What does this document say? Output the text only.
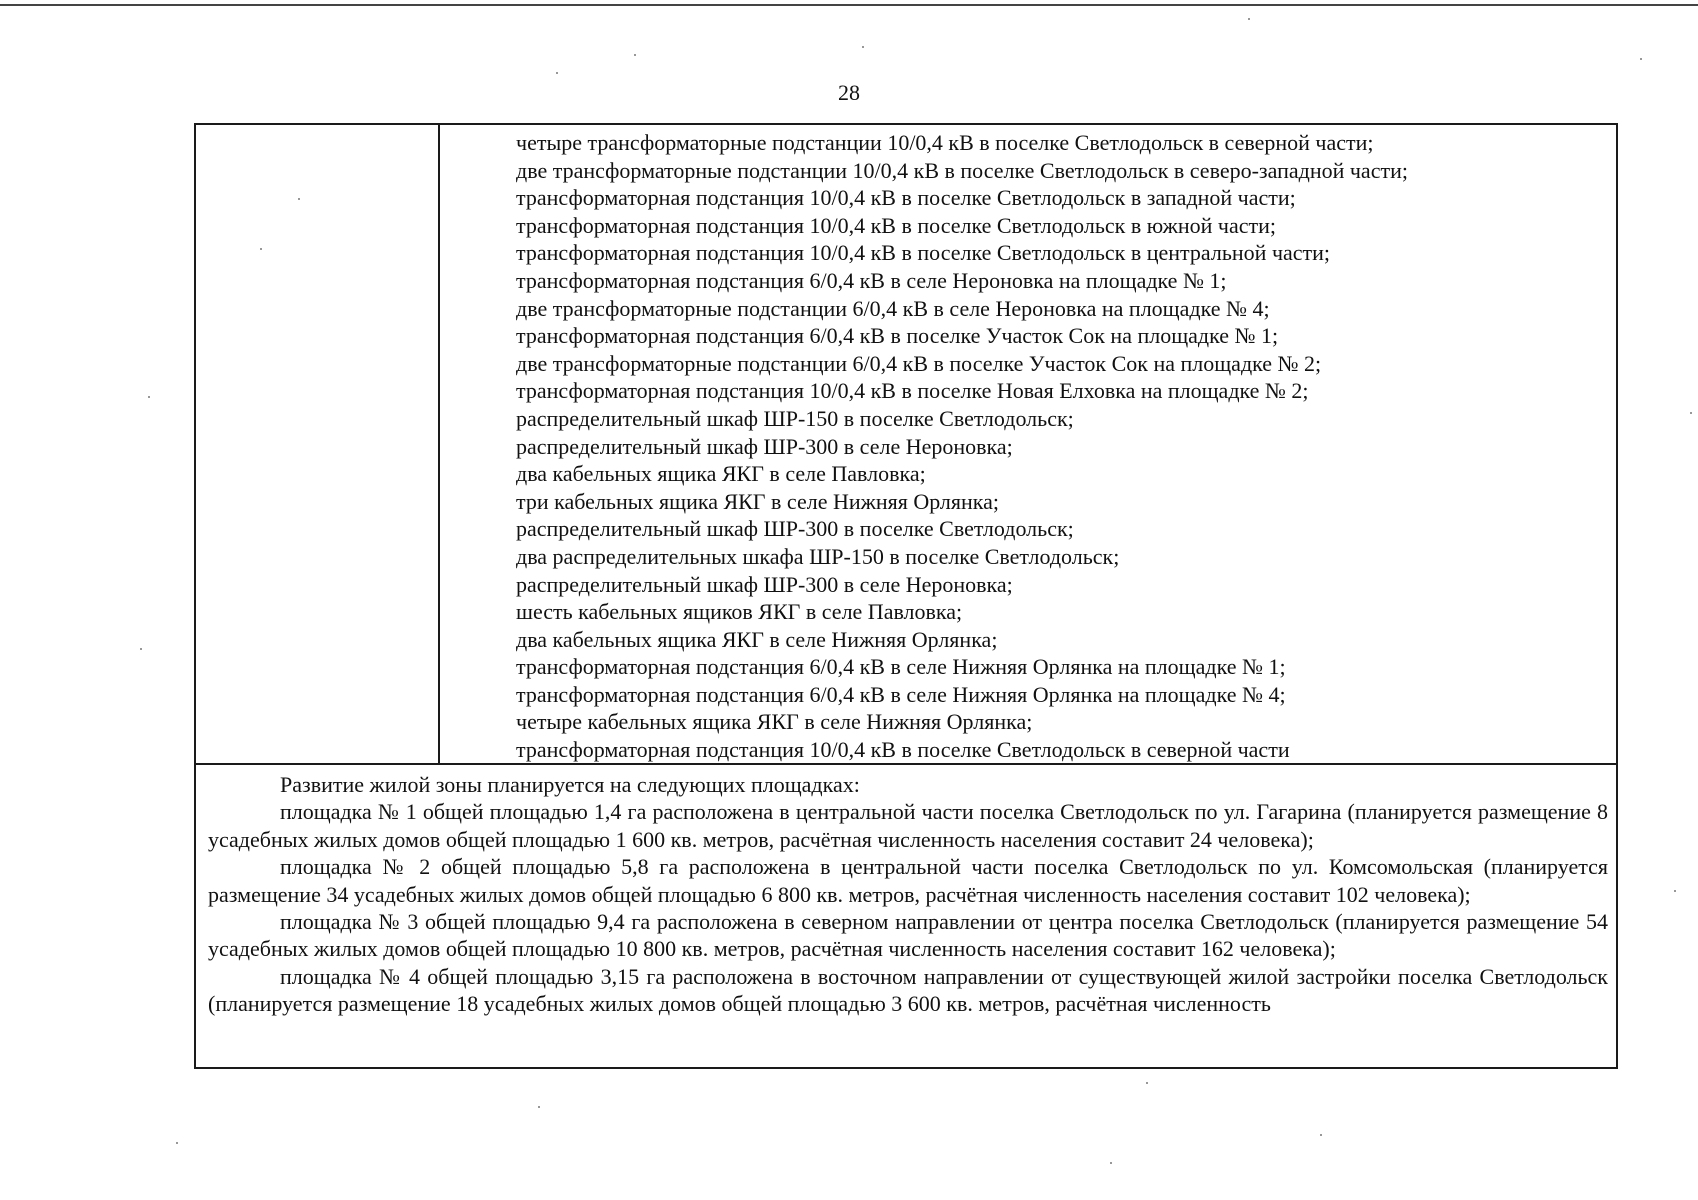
28
четыре трансформаторные подстанции 10/0,4 кВ в поселке Светлодольск в северной части;
две трансформаторные подстанции 10/0,4 кВ в поселке Светлодольск в северо-западной части;
трансформаторная подстанция 10/0,4 кВ в поселке Светлодольск в западной части;
трансформаторная подстанция 10/0,4 кВ в поселке Светлодольск в южной части;
трансформаторная подстанция 10/0,4 кВ в поселке Светлодольск в центральной части;
трансформаторная подстанция 6/0,4 кВ в селе Нероновка на площадке № 1;
две трансформаторные подстанции 6/0,4 кВ в селе Нероновка на площадке № 4;
трансформаторная подстанция 6/0,4 кВ в поселке Участок Сок на площадке № 1;
две трансформаторные подстанции 6/0,4 кВ в поселке Участок Сок на площадке № 2;
трансформаторная подстанция 10/0,4 кВ в поселке Новая Елховка на площадке № 2;
распределительный шкаф ШР-150 в поселке Светлодольск;
распределительный шкаф ШР-300 в селе Нероновка;
два кабельных ящика ЯКГ в селе Павловка;
три кабельных ящика ЯКГ в селе Нижняя Орлянка;
распределительный шкаф ШР-300 в поселке Светлодольск;
два распределительных шкафа ШР-150 в поселке Светлодольск;
распределительный шкаф ШР-300 в селе Нероновка;
шесть кабельных ящиков ЯКГ в селе Павловка;
два кабельных ящика ЯКГ в селе Нижняя Орлянка;
трансформаторная подстанция 6/0,4 кВ в селе Нижняя Орлянка на площадке № 1;
трансформаторная подстанция 6/0,4 кВ в селе Нижняя Орлянка на площадке № 4;
четыре кабельных ящика ЯКГ в селе Нижняя Орлянка;
трансформаторная подстанция 10/0,4 кВ в поселке Светлодольск в северной части

Развитие жилой зоны планируется на следующих площадках:

площадка № 1 общей площадью 1,4 га расположена в центральной части поселка Светлодольск по ул. Гагарина (планируется размещение 8 усадебных жилых домов общей площадью 1 600 кв. метров, расчётная численность населения составит 24 человека);

площадка № 2 общей площадью 5,8 га расположена в центральной части поселка Светлодольск по ул. Комсомольская (планируется размещение 34 усадебных жилых домов общей площадью 6 800 кв. метров, расчётная численность населения составит 102 человека);

площадка № 3 общей площадью 9,4 га расположена в северном направлении от центра поселка Светлодольск (планируется размещение 54 усадебных жилых домов общей площадью 10 800 кв. метров, расчётная численность населения составит 162 человека);

площадка № 4 общей площадью 3,15 га расположена в восточном направлении от существующей жилой застройки поселка Светлодольск (планируется размещение 18 усадебных жилых домов общей площадью 3 600 кв. метров, расчётная численность
